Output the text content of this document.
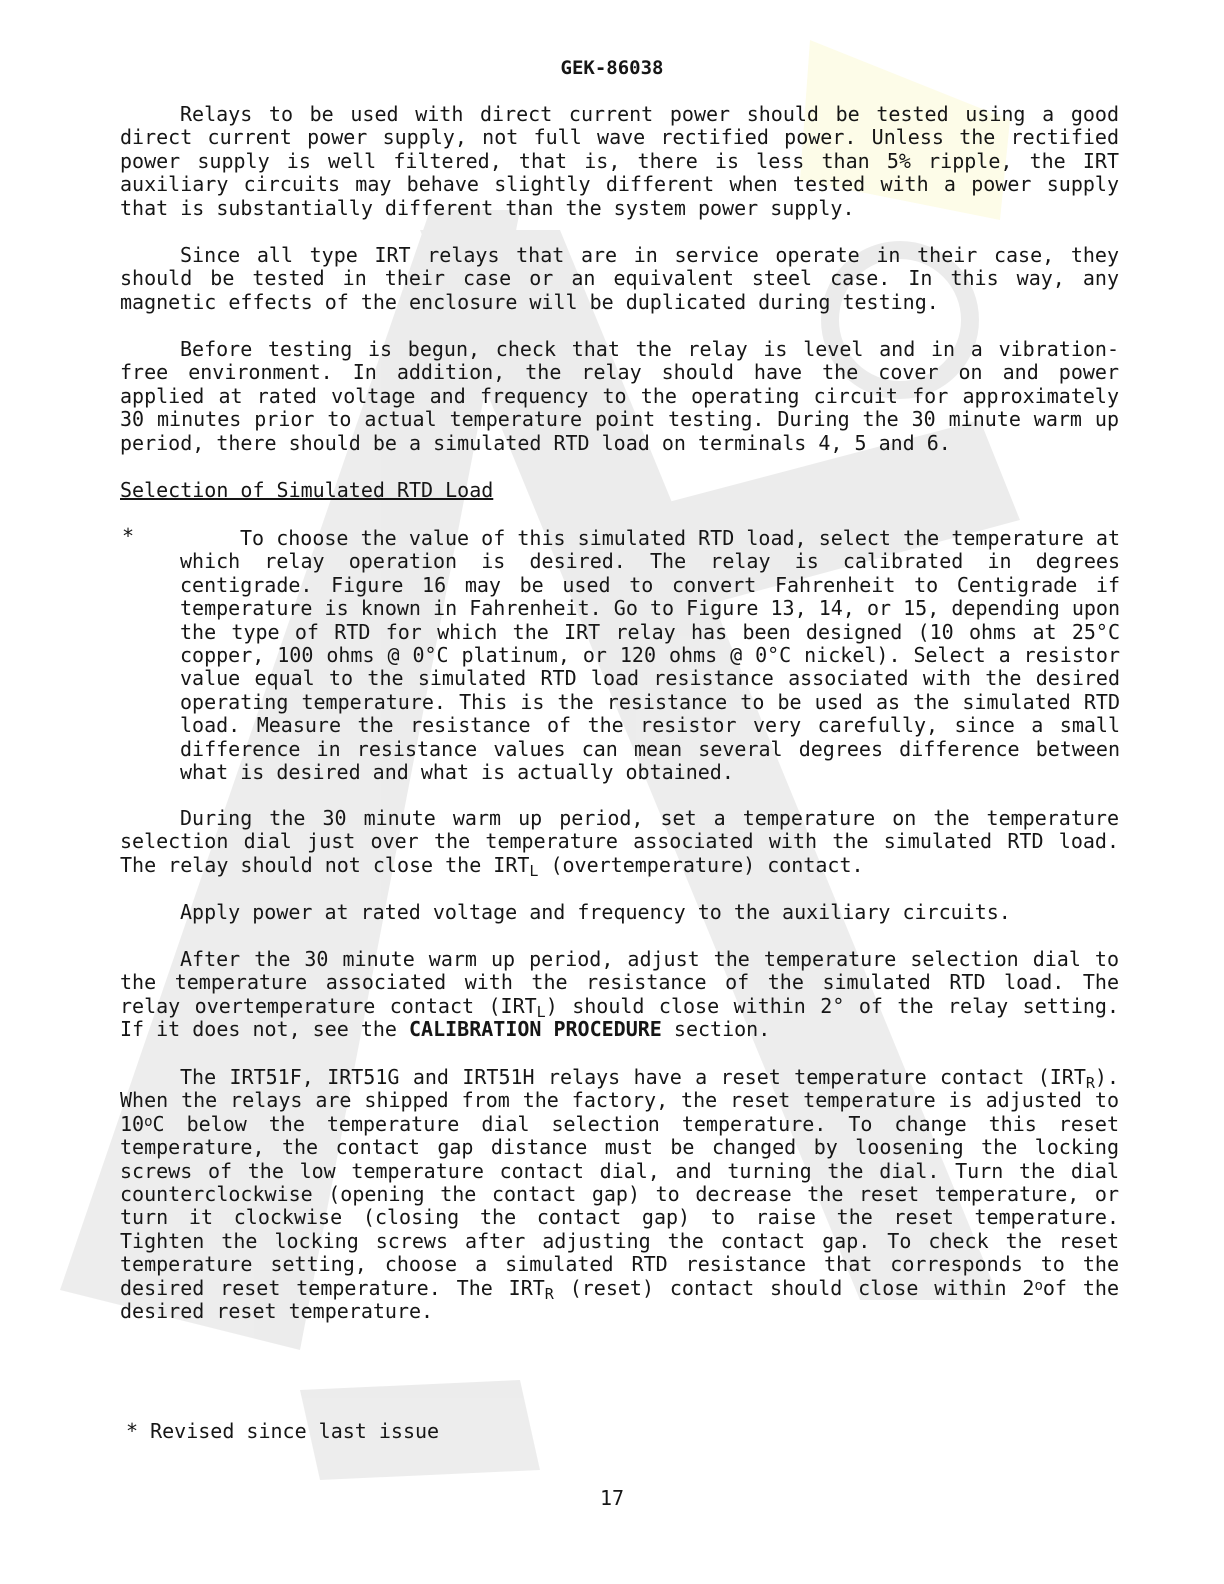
GEK-86038
Relays to be used with direct current power should be tested using a good direct current power supply, not full wave rectified power. Unless the rectified power supply is well filtered, that is, there is less than 5% ripple, the IRT auxiliary circuits may behave slightly different when tested with a power supply that is substantially different than the system power supply.
Since all type IRT relays that are in service operate in their case, they should be tested in their case or an equivalent steel case. In this way, any magnetic effects of the enclosure will be duplicated during testing.
Before testing is begun, check that the relay is level and in a vibration-free environment. In addition, the relay should have the cover on and power applied at rated voltage and frequency to the operating circuit for approximately 30 minutes prior to actual temperature point testing. During the 30 minute warm up period, there should be a simulated RTD load on terminals 4, 5 and 6.
Selection of Simulated RTD Load
*	To choose the value of this simulated RTD load, select the temperature at which relay operation is desired. The relay is calibrated in degrees centigrade. Figure 16 may be used to convert Fahrenheit to Centigrade if temperature is known in Fahrenheit. Go to Figure 13, 14, or 15, depending upon the type of RTD for which the IRT relay has been designed (10 ohms at 25°C copper, 100 ohms @ 0°C platinum, or 120 ohms @ 0°C nickel). Select a resistor value equal to the simulated RTD load resistance associated with the desired operating temperature. This is the resistance to be used as the simulated RTD load. Measure the resistance of the resistor very carefully, since a small difference in resistance values can mean several degrees difference between what is desired and what is actually obtained.
During the 30 minute warm up period, set a temperature on the temperature selection dial just over the temperature associated with the simulated RTD load. The relay should not close the $IRT_L$ (overtemperature) contact.
Apply power at rated voltage and frequency to the auxiliary circuits.
After the 30 minute warm up period, adjust the temperature selection dial to the temperature associated with the resistance of the simulated RTD load. The relay overtemperature contact $(IRT_L)$ should close within 2° of the relay setting. If it does not, see the CALIBRATION PROCEDURE section.
The IRT51F, IRT51G and IRT51H relays have a reset temperature contact $(IRT_R)$. When the relays are shipped from the factory, the reset temperature is adjusted to 10$^o$C below the temperature dial selection temperature. To change this reset temperature, the contact gap distance must be changed by loosening the locking screws of the low temperature contact dial, and turning the dial. Turn the dial counterclockwise (opening the contact gap) to decrease the reset temperature, or turn it clockwise (closing the contact gap) to raise the reset temperature. Tighten the locking screws after adjusting the contact gap. To check the reset temperature setting, choose a simulated RTD resistance that corresponds to the desired reset temperature. The $IRT_R$ (reset) contact should close within 2$^o$of the desired reset temperature.
* Revised since last issue
17
